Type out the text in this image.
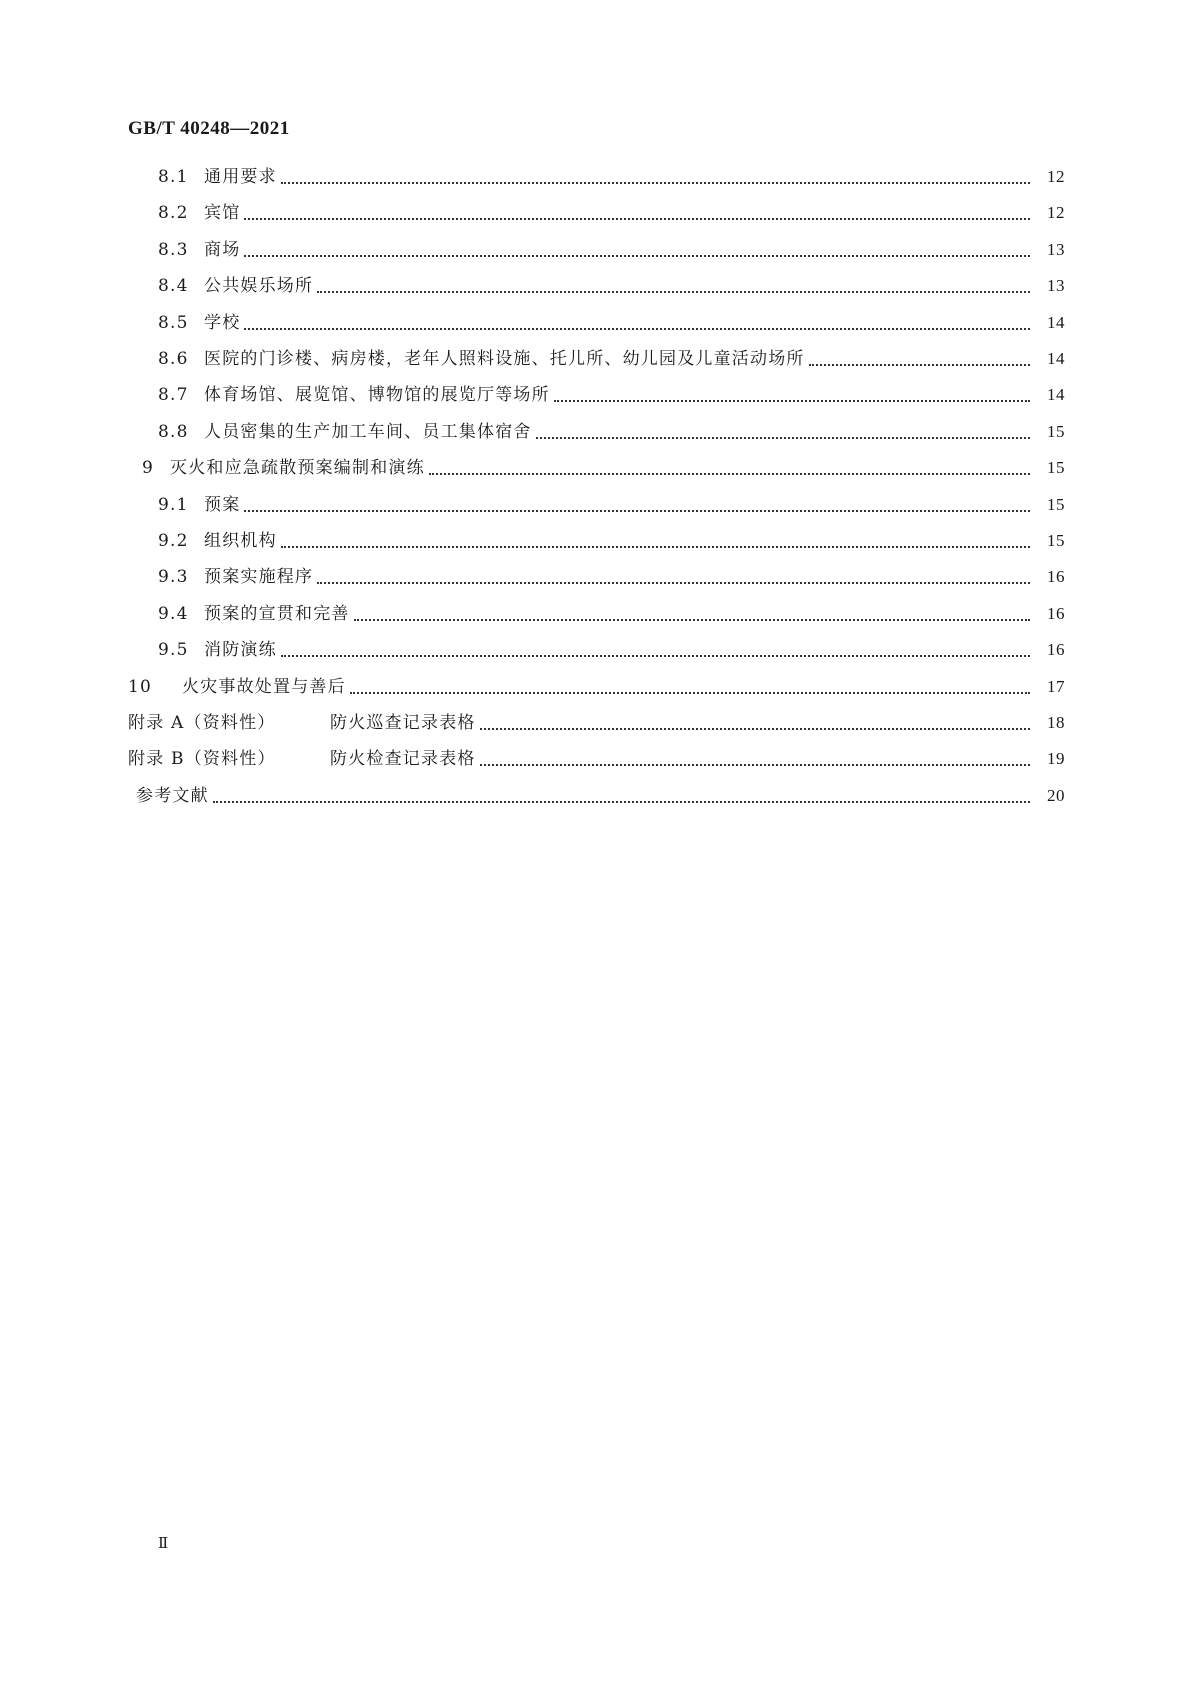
GB/T 40248—2021
8.1 通用要求	12
8.2 宾馆	12
8.3 商场	13
8.4 公共娱乐场所	13
8.5 学校	14
8.6 医院的门诊楼、病房楼，老年人照料设施、托儿所、幼儿园及儿童活动场所	14
8.7 体育场馆、展览馆、博物馆的展览厅等场所	14
8.8 人员密集的生产加工车间、员工集体宿舍	15
9 灭火和应急疏散预案编制和演练	15
9.1 预案	15
9.2 组织机构	15
9.3 预案实施程序	16
9.4 预案的宣贯和完善	16
9.5 消防演练	16
10 火灾事故处置与善后	17
附录 A（资料性）	防火巡查记录表格	18
附录 B（资料性）	防火检查记录表格	19
参考文献	20
Ⅱ
